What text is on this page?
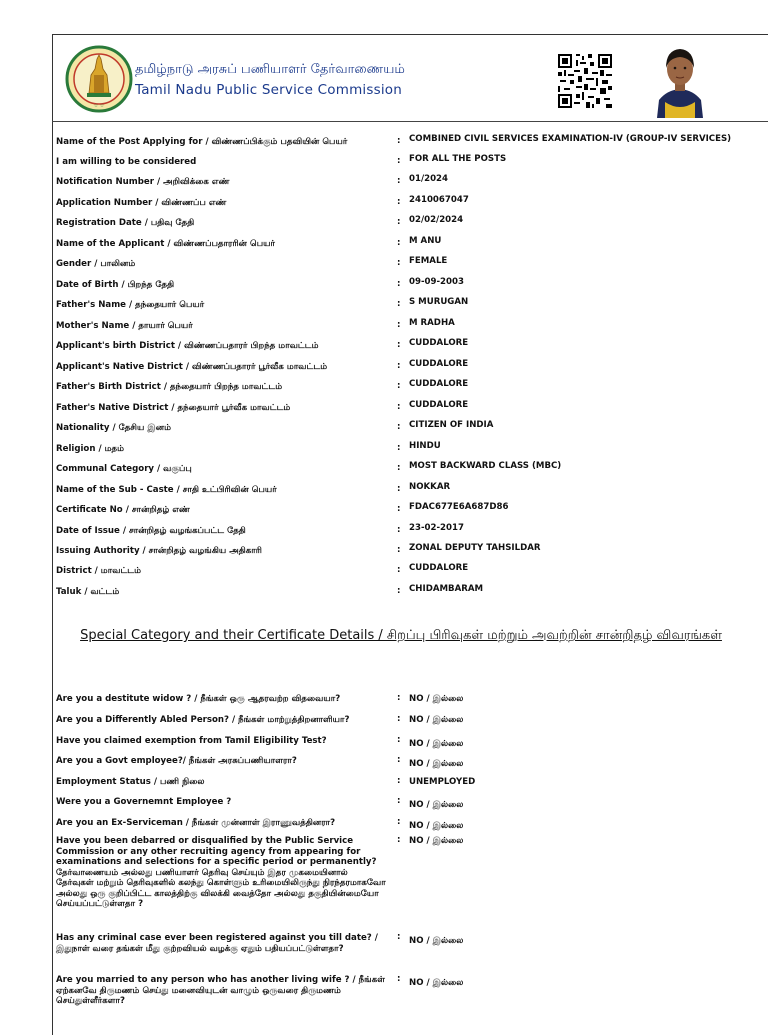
☆ ☆
தமிழ்நாடு அரசுப் பணியாளர் தேர்வாணையம்
Tamil Nadu Public Service Commission
Name of the Post Applying for / விண்ணப்பிக்கும் பதவியின் பெயர்	: COMBINED CIVIL SERVICES EXAMINATION-IV (GROUP-IV SERVICES)
I am willing to be considered	: FOR ALL THE POSTS
Notification Number / அறிவிக்கை எண்	: 01/2024
Application Number / விண்ணப்ப எண்	: 2410067047
Registration Date / பதிவு தேதி	: 02/02/2024
Name of the Applicant / விண்ணப்பதாரரின் பெயர்	: M ANU
Gender / பாலினம்	: FEMALE
Date of Birth / பிறந்த தேதி	: 09-09-2003
Father's Name / தந்தையார் பெயர்	: S MURUGAN
Mother's Name / தாயார் பெயர்	: M RADHA
Applicant's birth District / விண்ணப்பதாரர் பிறந்த மாவட்டம்	: CUDDALORE
Applicant's Native District / விண்ணப்பதாரர் பூர்வீக மாவட்டம்	: CUDDALORE
Father's Birth District / தந்தையார் பிறந்த மாவட்டம்	: CUDDALORE
Father's Native District / தந்தையார் பூர்வீக மாவட்டம்	: CUDDALORE
Nationality / தேசிய இனம்	: CITIZEN OF INDIA
Religion / மதம்	: HINDU
Communal Category / வகுப்பு	: MOST BACKWARD CLASS (MBC)
Name of the Sub - Caste / சாதி உட்பிரிவின் பெயர்	: NOKKAR
Certificate No / சான்றிதழ் எண்	: FDAC677E6A687D86
Date of Issue / சான்றிதழ் வழங்கப்பட்ட தேதி	: 23-02-2017
Issuing Authority / சான்றிதழ் வழங்கிய அதிகாரி	: ZONAL DEPUTY TAHSILDAR
District / மாவட்டம்	: CUDDALORE
Taluk / வட்டம்	: CHIDAMBARAM
Special Category and their Certificate Details / சிறப்பு பிரிவுகள் மற்றும் அவற்றின் சான்றிதழ் விவரங்கள்
Are you a destitute widow ? / நீங்கள் ஒரு ஆதரவற்ற விதவையா?	: NO / இல்லை
Are you a Differently Abled Person? / நீங்கள் மாற்றுத்திறனாளியா?	: NO / இல்லை
Have you claimed exemption from Tamil Eligibility Test?	: NO / இல்லை
Are you a Govt employee?/ நீங்கள் அரசுப்பணியாளரா?	: NO / இல்லை
Employment Status / பணி நிலை	: UNEMPLOYED
Were you a Governemnt Employee ?	: NO / இல்லை
Are you an Ex-Serviceman / நீங்கள் முன்னாள் இராணுவத்தினரா?	: NO / இல்லை
Have you been debarred or disqualified by the Public Service Commission or any other recruiting agency from appearing for examinations and selections for a specific period or permanently? தேர்வாணையம் அல்லது பணியாளர் தெரிவு செய்யும் இதர முகமையினால் தேர்வுகள் மற்றும் தெரிவுகளில் கலந்து கொள்ளும் உரிமையிலிருந்து நிரந்தரமாகவோ அல்லது ஒரு குறிப்பிட்ட காலத்திற்கு விலக்கி வைத்தோ அல்லது தகுதியின்மையோ செய்யப்பட்டுள்ளதா ?
: NO / இல்லை
Has any criminal case ever been registered against you till date? / இதுநாள் வரை தங்கள் மீது குற்றவியல் வழக்கு ஏதும் பதியப்பட்டுள்ளதா?
: NO / இல்லை
Are you married to any person who has another living wife ? / நீங்கள் ஏற்கனவே திருமணம் செய்து மனைவியுடன் வாழும் ஒருவரை திருமணம் செய்துள்ளீர்களா?
: NO / இல்லை
